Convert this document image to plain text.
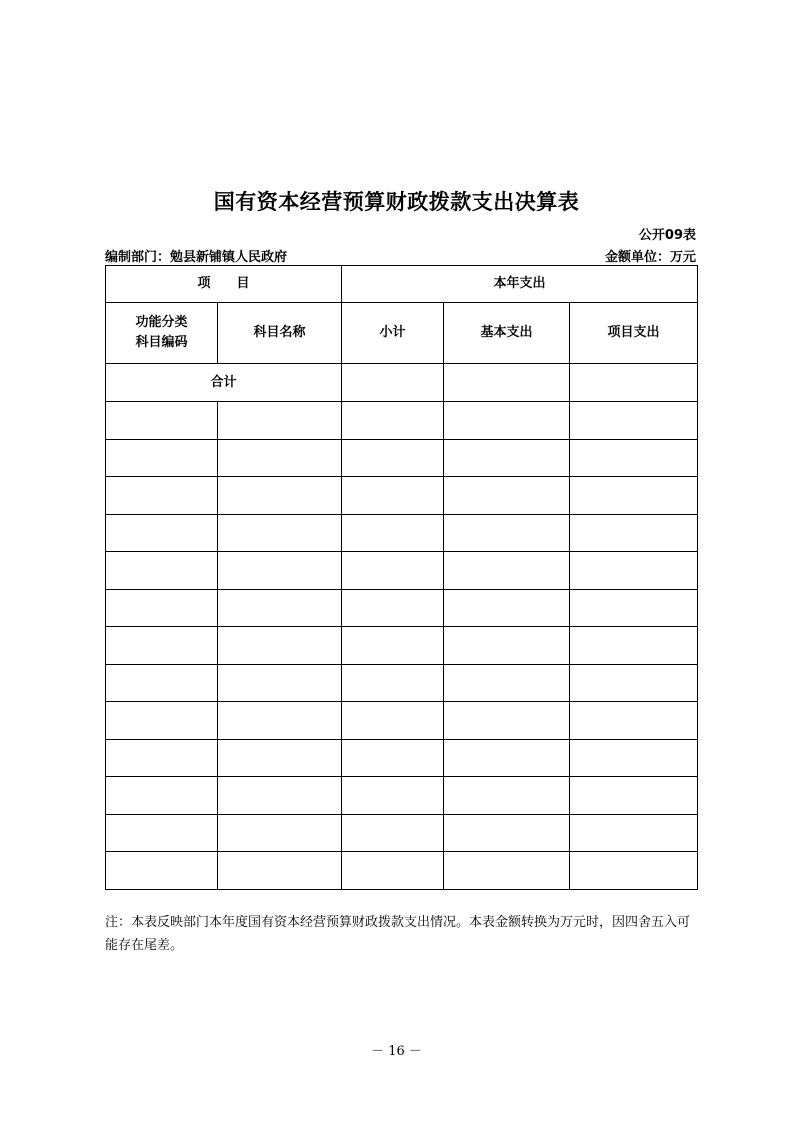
国有资本经营预算财政拨款支出决算表
公开09表
编制部门：勉县新铺镇人民政府	金额单位：万元
项　　目		本年支出		
功能分类科目编码	科目名称	小计	基本支出	项目支出
合计				

注：本表反映部门本年度国有资本经营预算财政拨款支出情况。本表金额转换为万元时，因四舍五入可能存在尾差。
－ 16 －
